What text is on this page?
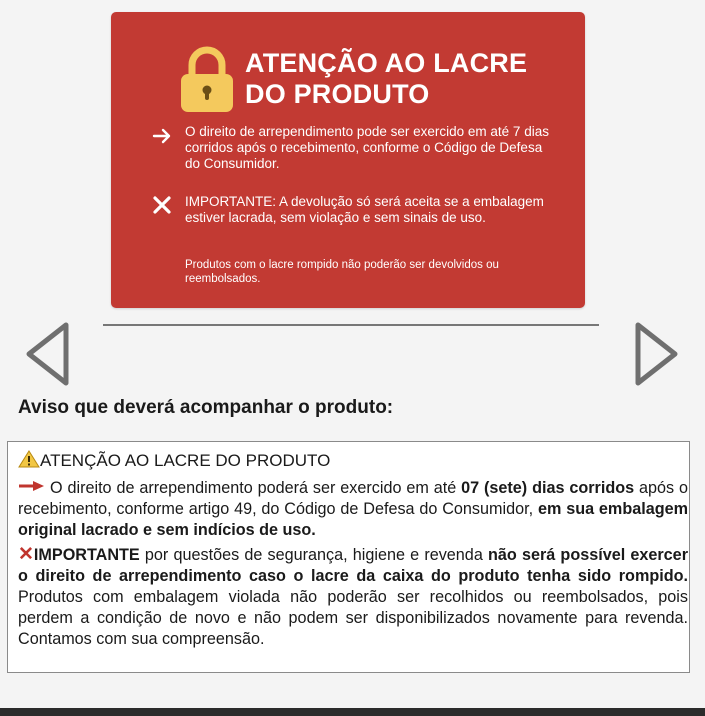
ATENÇÃO AO LACRE
DO PRODUTO
O direito de arrependimento pode ser exercido em até 7 dias corridos após o recebimento, conforme o Código de Defesa do Consumidor.
IMPORTANTE: A devolução só será aceita se a embalagem estiver lacrada, sem violação e sem sinais de uso.
Produtos com o lacre rompido não poderão ser devolvidos ou reembolsados.
Aviso que deverá acompanhar o produto:
ATENÇÃO AO LACRE DO PRODUTO

O direito de arrependimento poderá ser exercido em até 07 (sete) dias corridos após o recebimento, conforme artigo 49, do Código de Defesa do Consumidor, em sua embalagem original lacrado e sem indícios de uso.

✕IMPORTANTE por questões de segurança, higiene e revenda não será possível exercer o direito de arrependimento caso o lacre da caixa do produto tenha sido rompido. Produtos com embalagem violada não poderão ser recolhidos ou reembolsados, pois perdem a condição de novo e não podem ser disponibilizados novamente para revenda. Contamos com sua compreensão.
